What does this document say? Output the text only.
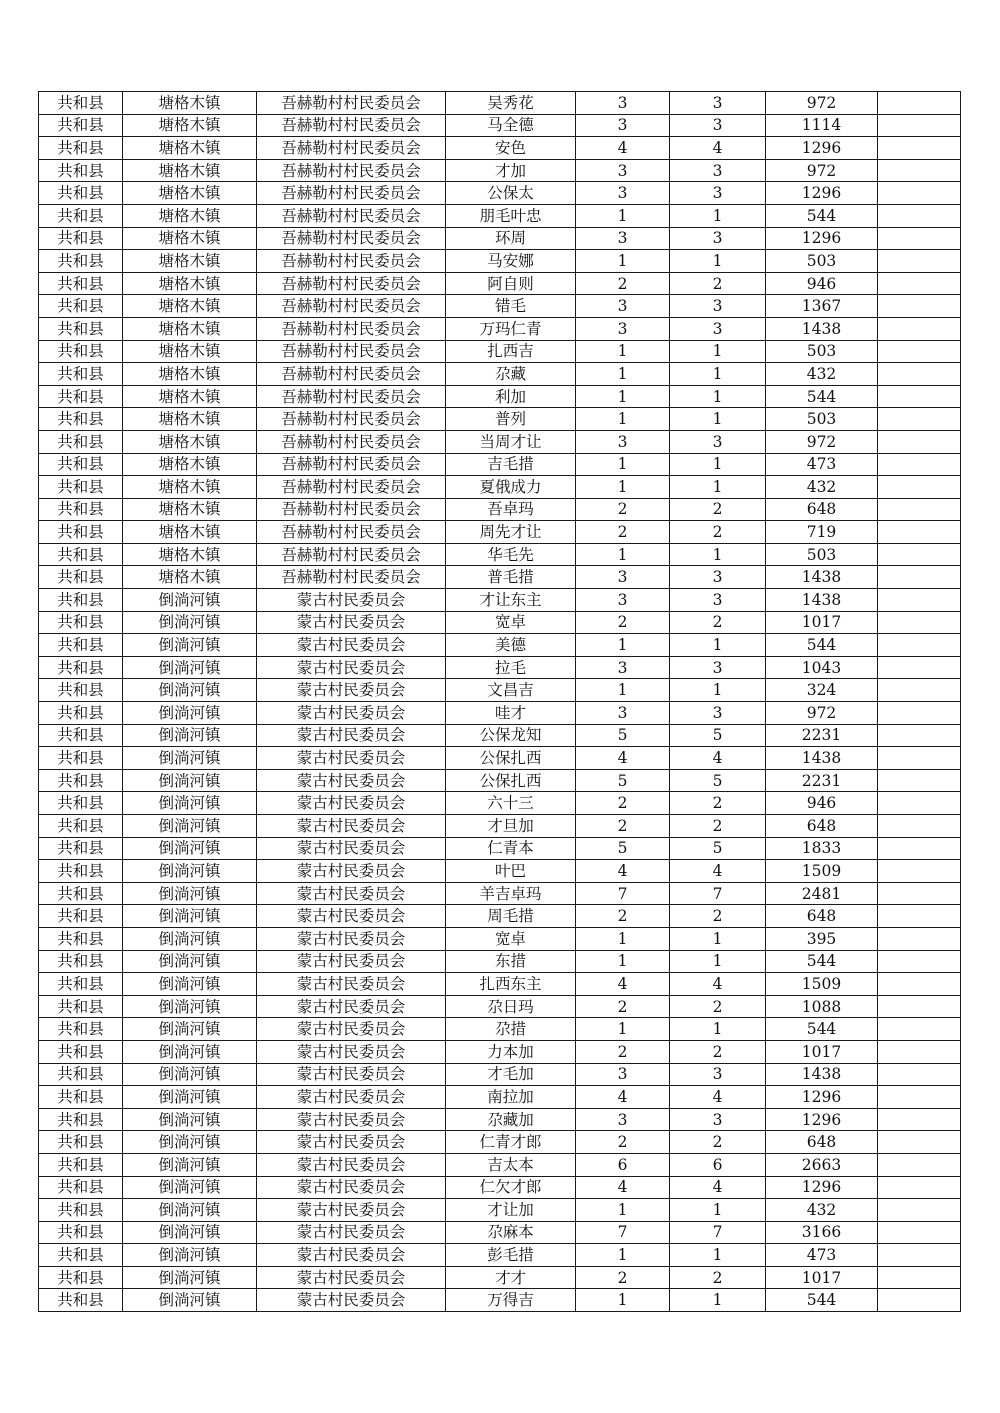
共和县	塘格木镇	吾赫勒村村民委员会	吴秀花	3	3	972	
共和县	塘格木镇	吾赫勒村村民委员会	马全德	3	3	1114	
共和县	塘格木镇	吾赫勒村村民委员会	安色	4	4	1296	
共和县	塘格木镇	吾赫勒村村民委员会	才加	3	3	972	
共和县	塘格木镇	吾赫勒村村民委员会	公保太	3	3	1296	
共和县	塘格木镇	吾赫勒村村民委员会	朋毛叶忠	1	1	544	
共和县	塘格木镇	吾赫勒村村民委员会	环周	3	3	1296	
共和县	塘格木镇	吾赫勒村村民委员会	马安娜	1	1	503	
共和县	塘格木镇	吾赫勒村村民委员会	阿自则	2	2	946	
共和县	塘格木镇	吾赫勒村村民委员会	错毛	3	3	1367	
共和县	塘格木镇	吾赫勒村村民委员会	万玛仁青	3	3	1438	
共和县	塘格木镇	吾赫勒村村民委员会	扎西吉	1	1	503	
共和县	塘格木镇	吾赫勒村村民委员会	尕藏	1	1	432	
共和县	塘格木镇	吾赫勒村村民委员会	利加	1	1	544	
共和县	塘格木镇	吾赫勒村村民委员会	普列	1	1	503	
共和县	塘格木镇	吾赫勒村村民委员会	当周才让	3	3	972	
共和县	塘格木镇	吾赫勒村村民委员会	吉毛措	1	1	473	
共和县	塘格木镇	吾赫勒村村民委员会	夏俄成力	1	1	432	
共和县	塘格木镇	吾赫勒村村民委员会	吾卓玛	2	2	648	
共和县	塘格木镇	吾赫勒村村民委员会	周先才让	2	2	719	
共和县	塘格木镇	吾赫勒村村民委员会	华毛先	1	1	503	
共和县	塘格木镇	吾赫勒村村民委员会	普毛措	3	3	1438	
共和县	倒淌河镇	蒙古村民委员会	才让东主	3	3	1438	
共和县	倒淌河镇	蒙古村民委员会	宽卓	2	2	1017	
共和县	倒淌河镇	蒙古村民委员会	美德	1	1	544	
共和县	倒淌河镇	蒙古村民委员会	拉毛	3	3	1043	
共和县	倒淌河镇	蒙古村民委员会	文昌吉	1	1	324	
共和县	倒淌河镇	蒙古村民委员会	哇才	3	3	972	
共和县	倒淌河镇	蒙古村民委员会	公保龙知	5	5	2231	
共和县	倒淌河镇	蒙古村民委员会	公保扎西	4	4	1438	
共和县	倒淌河镇	蒙古村民委员会	公保扎西	5	5	2231	
共和县	倒淌河镇	蒙古村民委员会	六十三	2	2	946	
共和县	倒淌河镇	蒙古村民委员会	才旦加	2	2	648	
共和县	倒淌河镇	蒙古村民委员会	仁青本	5	5	1833	
共和县	倒淌河镇	蒙古村民委员会	叶巴	4	4	1509	
共和县	倒淌河镇	蒙古村民委员会	羊吉卓玛	7	7	2481	
共和县	倒淌河镇	蒙古村民委员会	周毛措	2	2	648	
共和县	倒淌河镇	蒙古村民委员会	宽卓	1	1	395	
共和县	倒淌河镇	蒙古村民委员会	东措	1	1	544	
共和县	倒淌河镇	蒙古村民委员会	扎西东主	4	4	1509	
共和县	倒淌河镇	蒙古村民委员会	尕日玛	2	2	1088	
共和县	倒淌河镇	蒙古村民委员会	尕措	1	1	544	
共和县	倒淌河镇	蒙古村民委员会	力本加	2	2	1017	
共和县	倒淌河镇	蒙古村民委员会	才毛加	3	3	1438	
共和县	倒淌河镇	蒙古村民委员会	南拉加	4	4	1296	
共和县	倒淌河镇	蒙古村民委员会	尕藏加	3	3	1296	
共和县	倒淌河镇	蒙古村民委员会	仁青才郎	2	2	648	
共和县	倒淌河镇	蒙古村民委员会	吉太本	6	6	2663	
共和县	倒淌河镇	蒙古村民委员会	仁欠才郎	4	4	1296	
共和县	倒淌河镇	蒙古村民委员会	才让加	1	1	432	
共和县	倒淌河镇	蒙古村民委员会	尕麻本	7	7	3166	
共和县	倒淌河镇	蒙古村民委员会	彭毛措	1	1	473	
共和县	倒淌河镇	蒙古村民委员会	才才	2	2	1017	
共和县	倒淌河镇	蒙古村民委员会	万得吉	1	1	544	
